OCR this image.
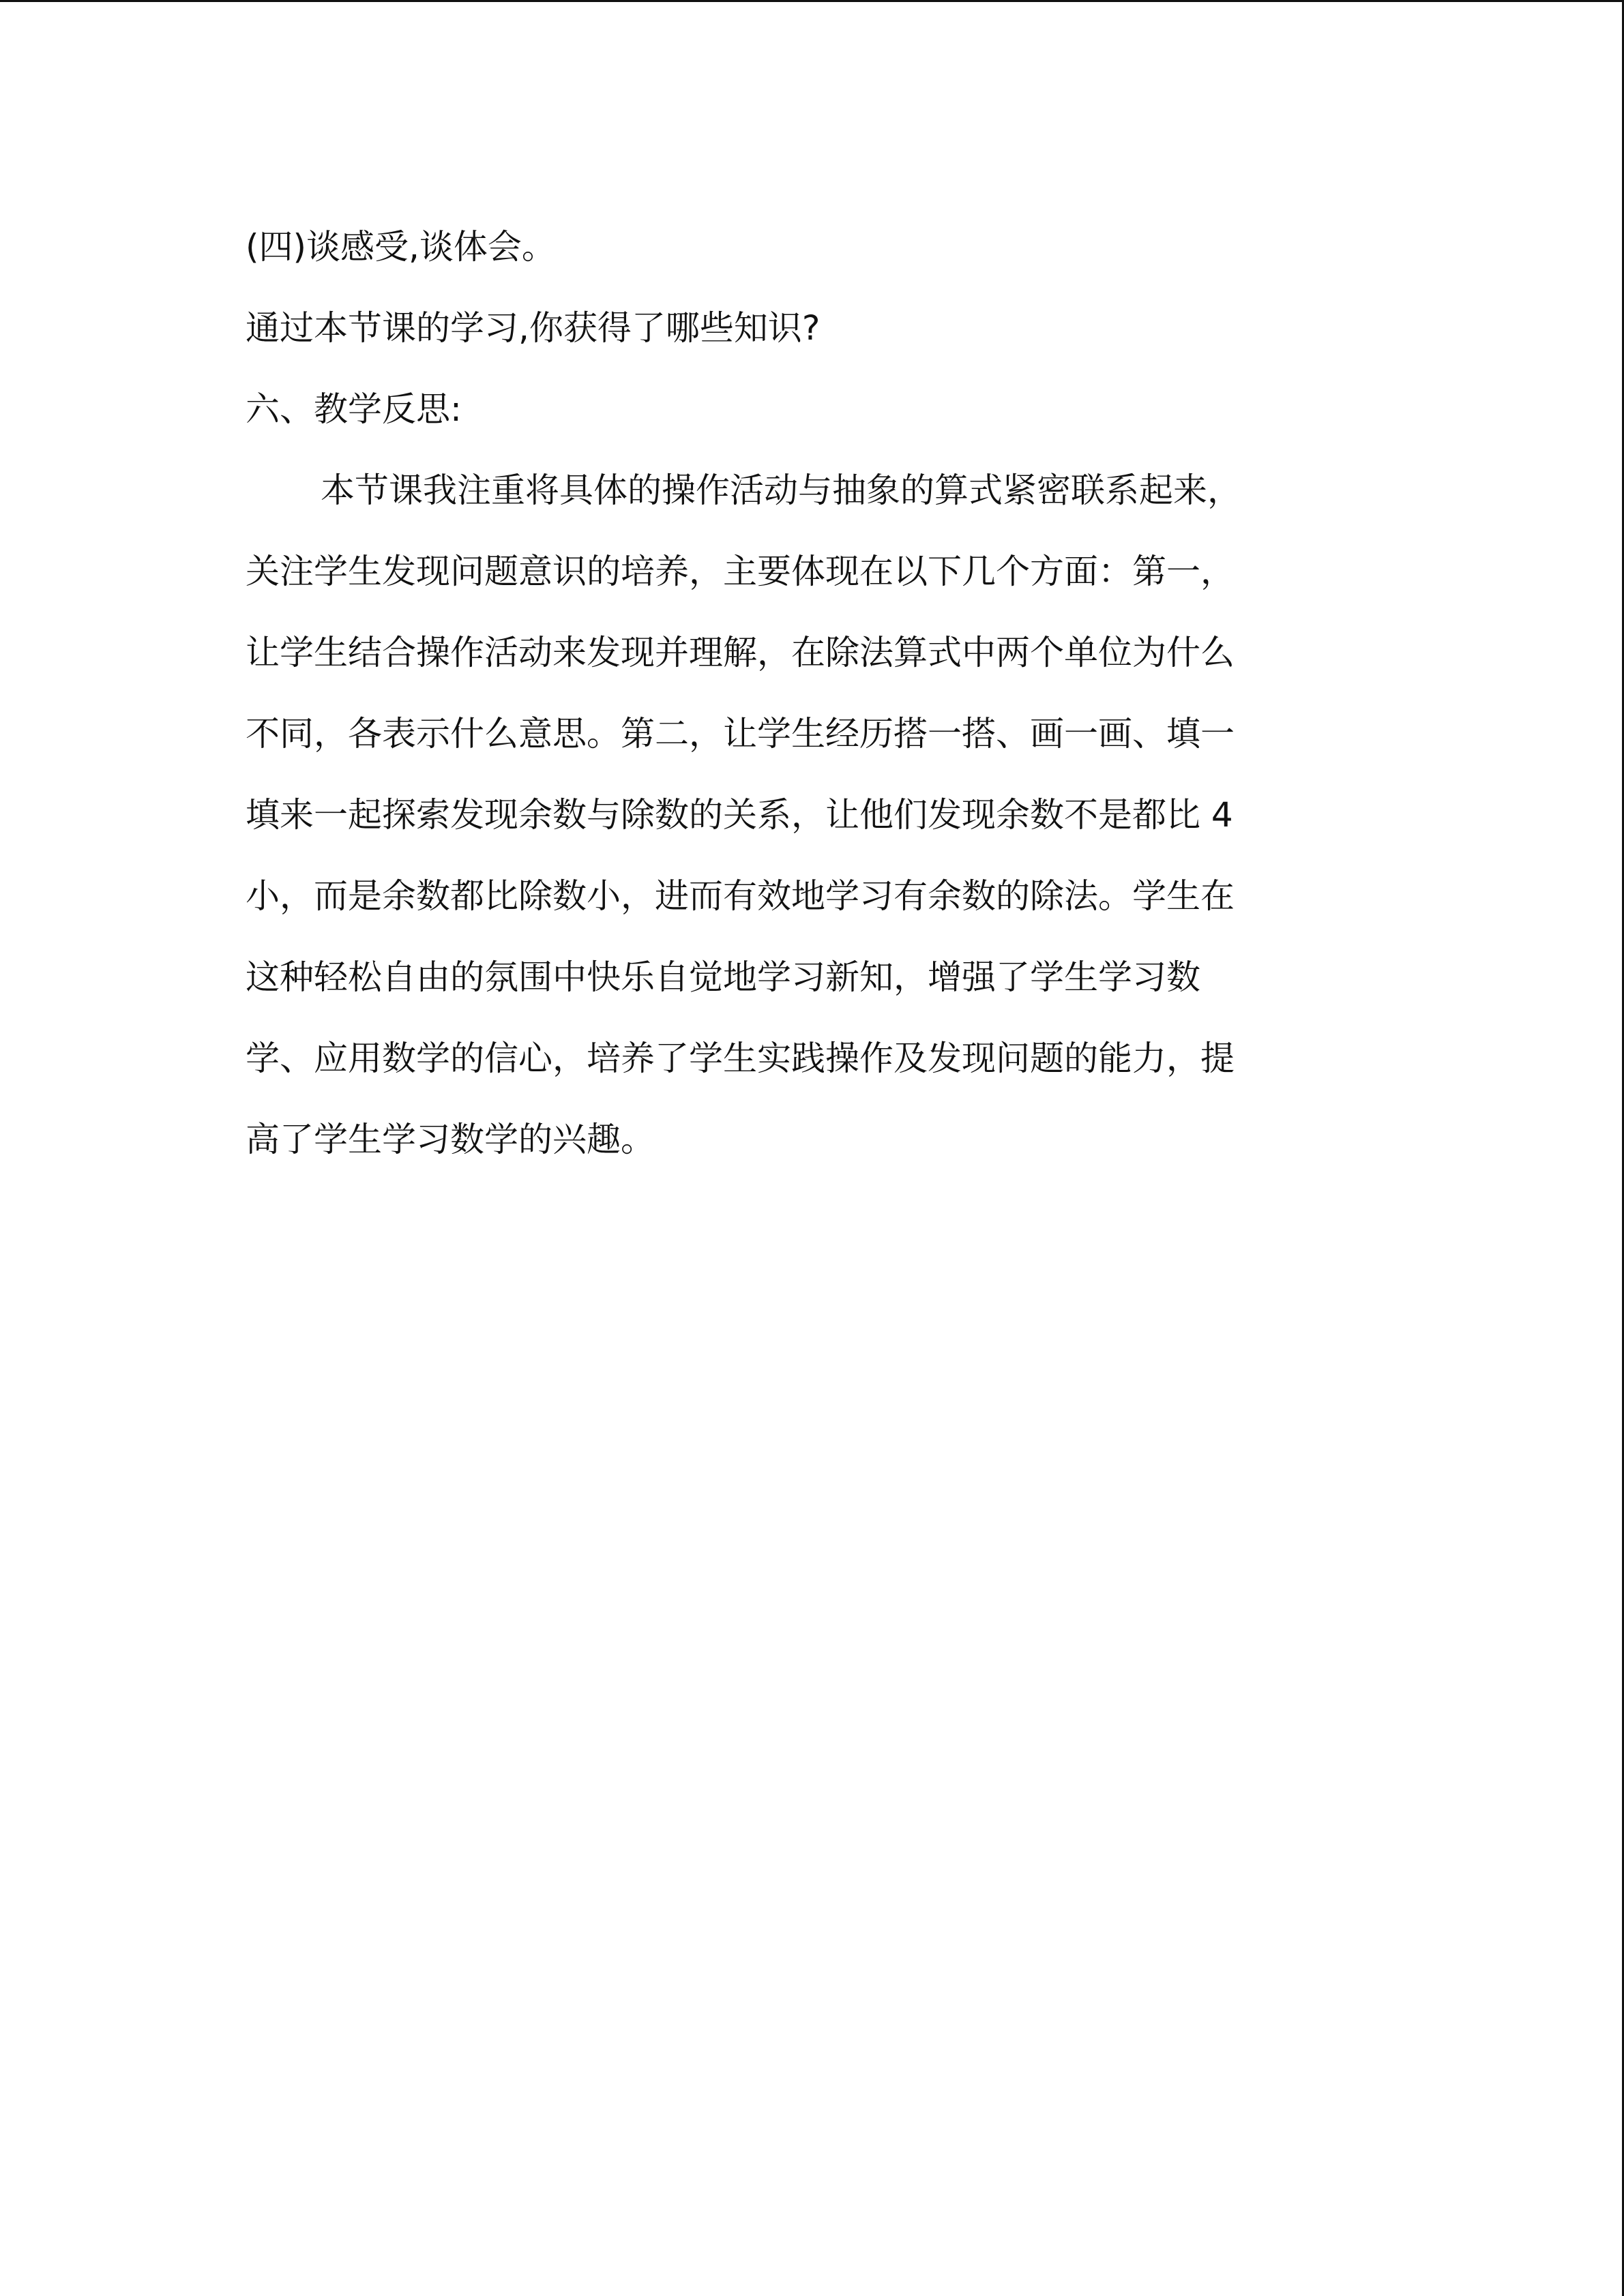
(四)谈感受,谈体会。

通过本节课的学习,你获得了哪些知识?

六、教学反思:

本节课我注重将具体的操作活动与抽象的算式紧密联系起来，

关注学生发现问题意识的培养，主要体现在以下几个方面：第一，

让学生结合操作活动来发现并理解，在除法算式中两个单位为什么

不同，各表示什么意思。第二，让学生经历搭一搭、画一画、填一

填来一起探索发现余数与除数的关系，让他们发现余数不是都比 4

小，而是余数都比除数小，进而有效地学习有余数的除法。学生在

这种轻松自由的氛围中快乐自觉地学习新知，增强了学生学习数

学、应用数学的信心，培养了学生实践操作及发现问题的能力，提

高了学生学习数学的兴趣。
